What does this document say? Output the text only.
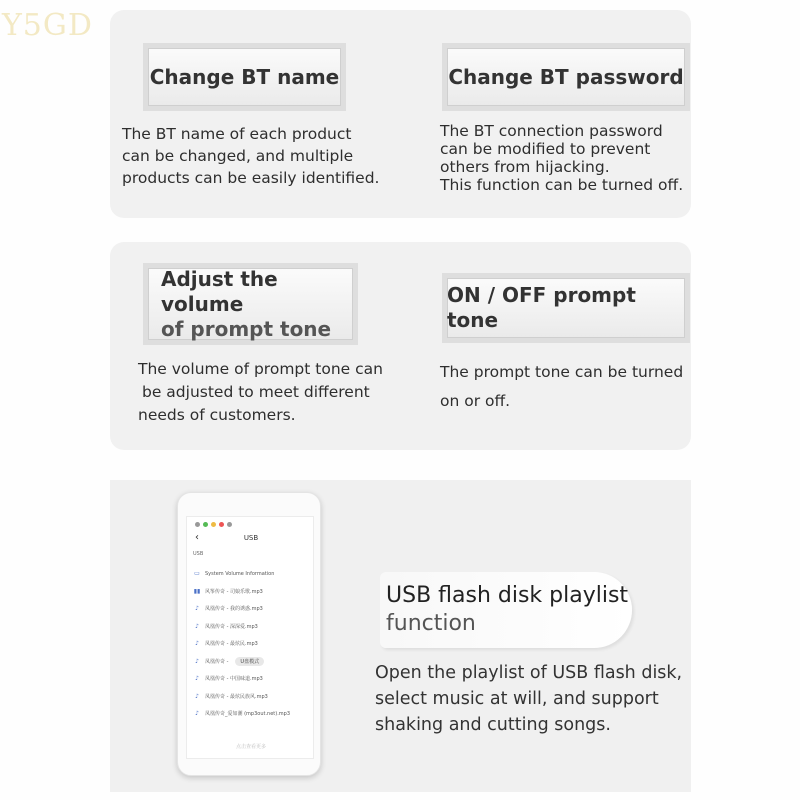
Y5GD
Change BT name
The BT name of each product
can be changed, and multiple
products can be easily identified.
Change BT password
The BT connection password
can be modified to prevent
others from hijacking.
This function can be turned off.
Adjust the volume
of prompt tone
The volume of prompt tone can
be adjusted to meet different
needs of customers.
ON / OFF prompt tone
The prompt tone can be turned
on or off.
‹	USB
USB
▭ System Volume Information
▮▮ 风筝传奇 - 司娘乐歌.mp3
♪	凤凰传奇 - 我的诱惑.mp3
♪	凤凰传奇 - 深深爱.mp3
♪	凤凰传奇 - 最炫民.mp3
♪	凤凰传奇 -	U盘模式
♪	凤凰传奇 - 中国味道.mp3
♪	凤凰传奇 - 最炫民族风.mp3
♪	凤凰传奇_爱如潮 (mp3out.net).mp3
点击查看更多
USB flash disk playlist
function
Open the playlist of USB flash disk,
select music at will, and support
shaking and cutting songs.
